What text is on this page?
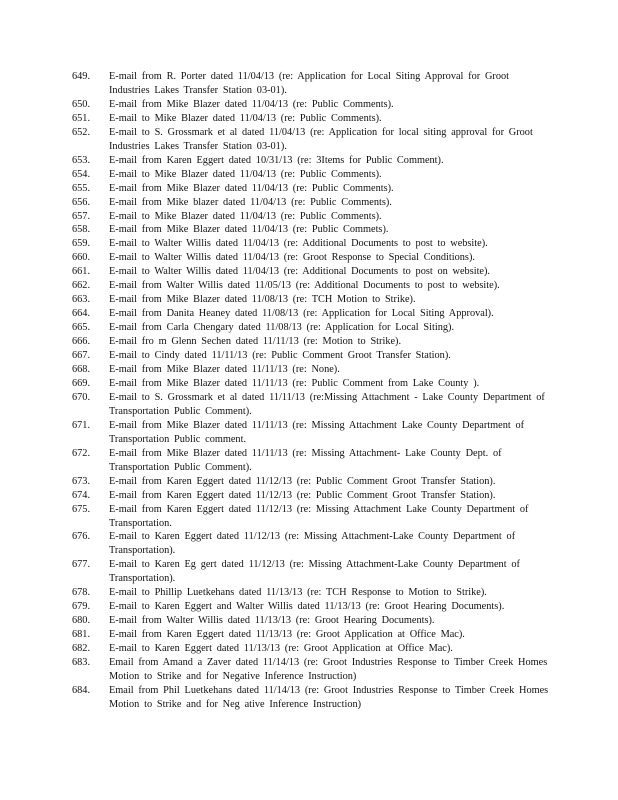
649.	E-mail from R. Porter dated 11/04/13 (re: Application for Local Siting Approval for Groot Industries Lakes Transfer Station 03-01).
650.	E-mail from Mike Blazer dated 11/04/13 (re: Public Comments).
651.	E-mail to Mike Blazer dated 11/04/13 (re: Public Comments).
652.	E-mail to S. Grossmark et al dated 11/04/13 (re: Application for local siting approval for Groot Industries Lakes Transfer Station 03-01).
653.	E-mail from Karen Eggert dated 10/31/13 (re: 3Items for Public Comment).
654.	E-mail to Mike Blazer dated 11/04/13 (re: Public Comments).
655.	E-mail from Mike Blazer dated 11/04/13 (re: Public Comments).
656.	E-mail from Mike blazer dated 11/04/13 (re: Public Comments).
657.	E-mail to Mike Blazer dated 11/04/13 (re: Public Comments).
658.	E-mail from Mike Blazer dated 11/04/13 (re: Public Commets).
659.	E-mail to Walter Willis dated 11/04/13 (re: Additional Documents to post to website).
660.	E-mail to Walter Willis dated 11/04/13 (re: Groot Response to Special Conditions).
661.	E-mail to Walter Willis dated 11/04/13 (re: Additional Documents to post on website).
662.	E-mail from Walter Willis dated 11/05/13 (re: Additional Documents to post to website).
663.	E-mail from Mike Blazer dated 11/08/13 (re: TCH Motion to Strike).
664.	E-mail from Danita Heaney dated 11/08/13 (re: Application for Local Siting Approval).
665.	E-mail from Carla Chengary dated 11/08/13 (re: Application for Local Siting).
666.	E-mail fro m Glenn Sechen dated 11/11/13 (re: Motion to Strike).
667.	E-mail to Cindy dated 11/11/13 (re: Public Comment Groot Transfer Station).
668.	E-mail from Mike Blazer dated 11/11/13 (re: None).
669.	E-mail from Mike Blazer dated 11/11/13 (re: Public Comment from Lake County ).
670.	E-mail to S. Grossmark et al dated 11/11/13 (re:Missing Attachment - Lake County Department of Transportation Public Comment).
671.	E-mail from Mike Blazer dated 11/11/13 (re: Missing Attachment Lake County Department of Transportation Public comment.
672.	E-mail from Mike Blazer dated 11/11/13 (re: Missing Attachment- Lake County Dept. of Transportation Public Comment).
673.	E-mail from Karen Eggert dated 11/12/13 (re: Public Comment Groot Transfer Station).
674.	E-mail from Karen Eggert dated 11/12/13 (re: Public Comment Groot Transfer Station).
675.	E-mail from Karen Eggert dated 11/12/13 (re: Missing Attachment Lake County Department of Transportation.
676.	E-mail to Karen Eggert dated 11/12/13 (re: Missing Attachment-Lake County Department of Transportation).
677.	E-mail to Karen Eg gert dated 11/12/13 (re: Missing Attachment-Lake County Department of Transportation).
678.	E-mail to Phillip Luetkehans dated 11/13/13 (re: TCH Response to Motion to Strike).
679.	E-mail to Karen Eggert and Walter Willis dated 11/13/13 (re: Groot Hearing Documents).
680.	E-mail from Walter Willis dated 11/13/13 (re: Groot Hearing Documents).
681.	E-mail from Karen Eggert dated 11/13/13 (re: Groot Application at Office Mac).
682.	E-mail to Karen Eggert dated 11/13/13 (re: Groot Application at Office Mac).
683.	Email from Amand a Zaver dated 11/14/13 (re: Groot Industries Response to Timber Creek Homes Motion to Strike and for Negative Inference Instruction)
684.	Email from Phil Luetkehans dated 11/14/13 (re: Groot Industries Response to Timber Creek Homes Motion to Strike and for Neg ative Inference Instruction)
